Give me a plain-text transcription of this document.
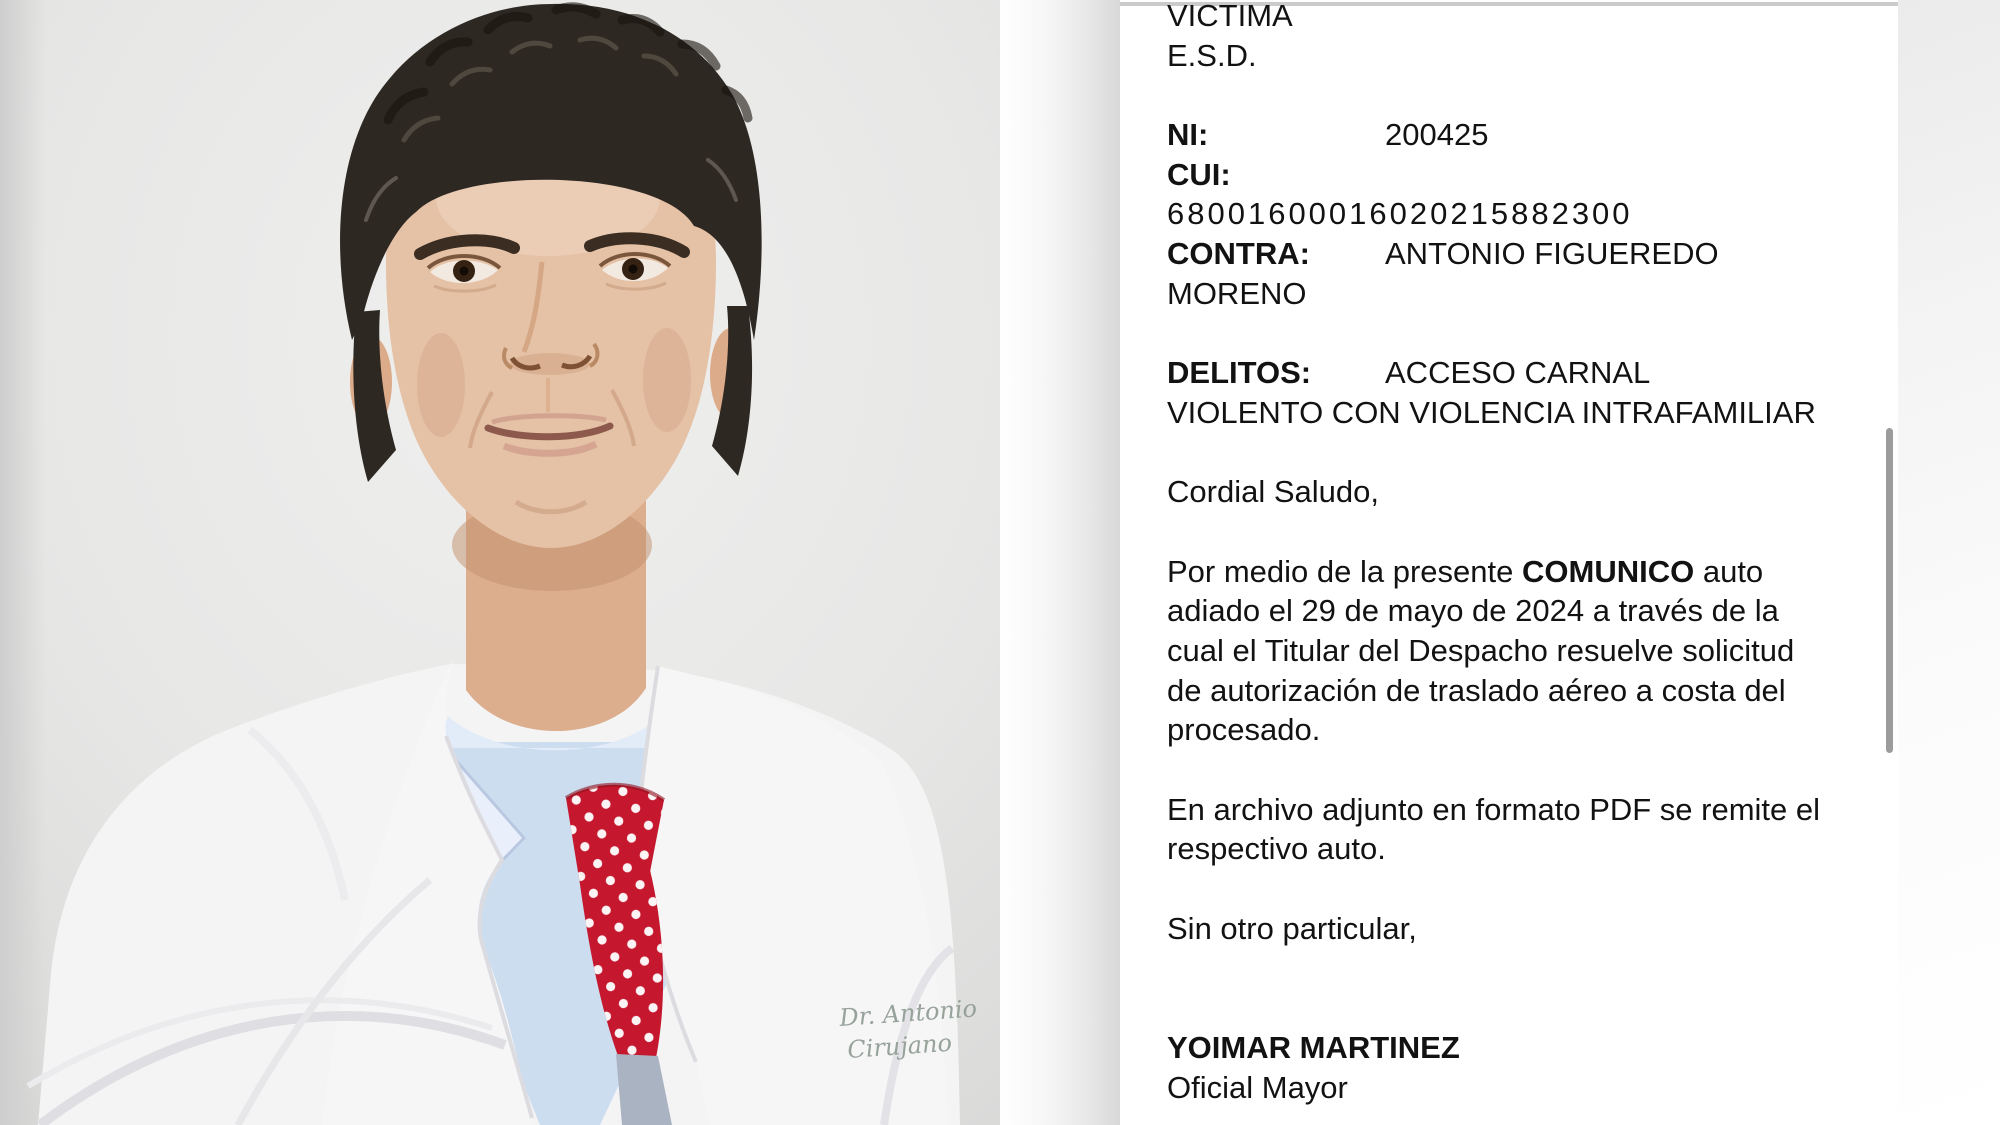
Dr. Antonio
Cirujano
VICTIMA
E.S.D.

NI:	200425
CUI:
68001600016020215882300
CONTRA: ANTONIO FIGUEREDO
MORENO

DELITOS: ACCESO CARNAL
VIOLENTO CON VIOLENCIA INTRAFAMILIAR

Cordial Saludo,

Por medio de la presente COMUNICO auto
adiado el 29 de mayo de 2024 a través de la
cual el Titular del Despacho resuelve solicitud
de autorización de traslado aéreo a costa del
procesado.

En archivo adjunto en formato PDF se remite el
respectivo auto.

Sin otro particular,

YOIMAR MARTINEZ
Oficial Mayor
